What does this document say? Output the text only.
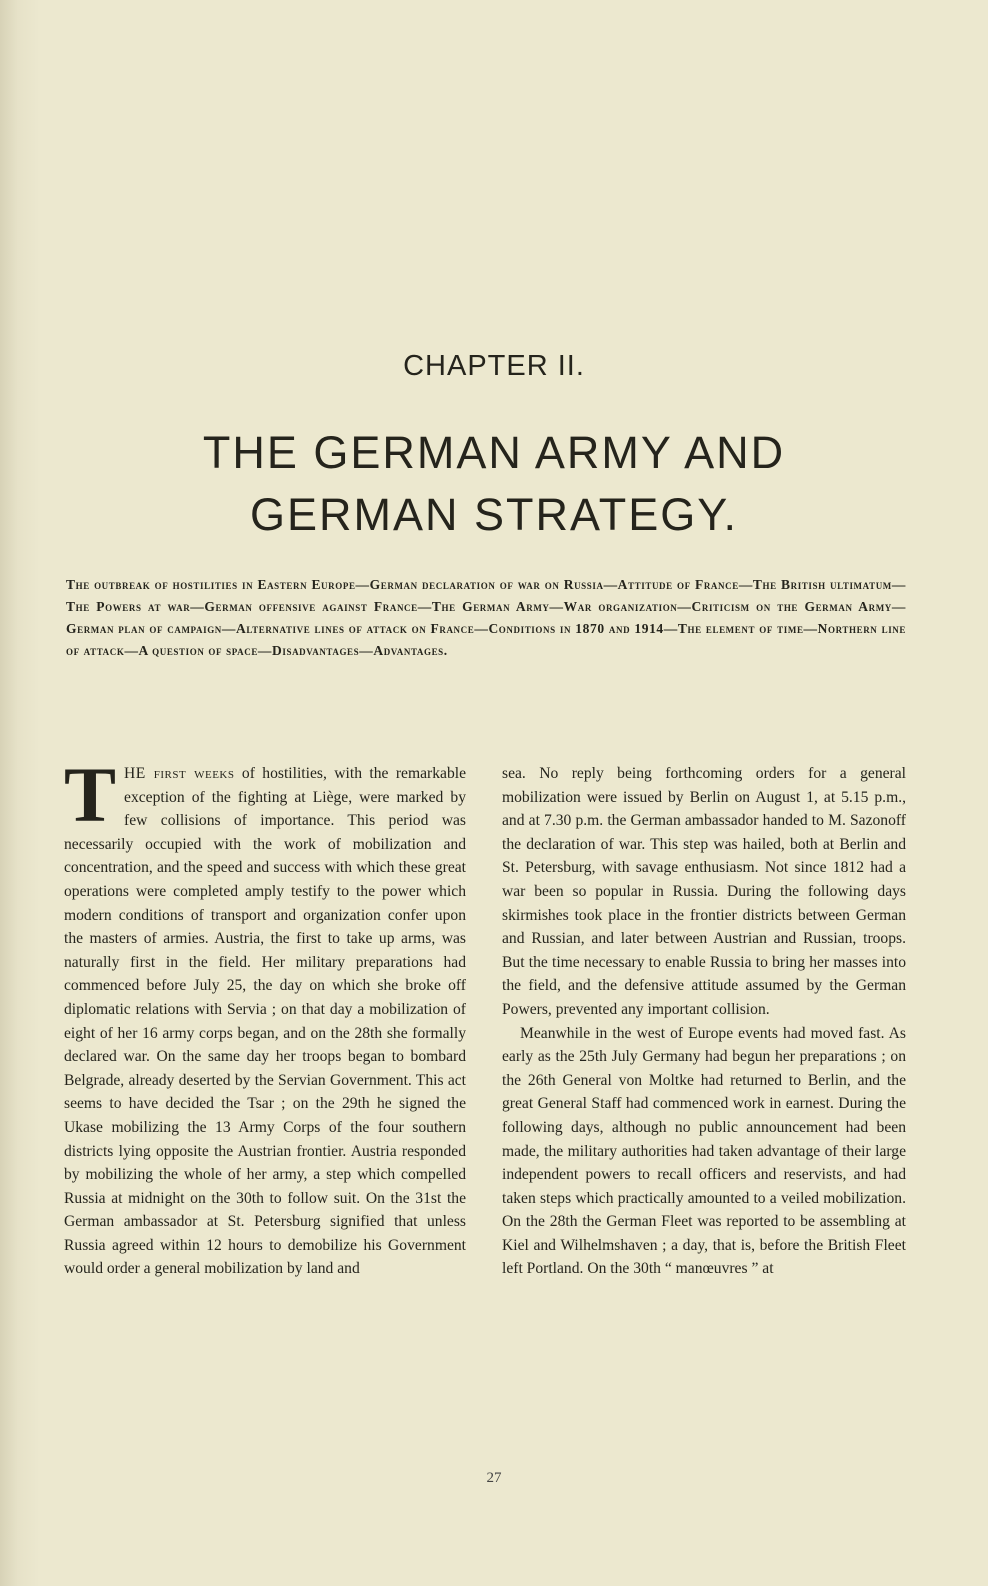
CHAPTER II.
THE GERMAN ARMY AND
GERMAN STRATEGY.

The outbreak of hostilities in Eastern Europe—German declaration of war on Russia—Attitude of France—The British ultimatum—The Powers at war—German offensive against France—The German Army—War organization—Criticism on the German Army—German plan of campaign—Alternative lines of attack on France—Conditions in 1870 and 1914—The element of time—Northern line of attack—A question of space—Disadvantages—Advantages.

THE first weeks of hostilities, with the remarkable exception of the fighting at Liège, were marked by few collisions of importance. This period was necessarily occupied with the work of mobilization and concentration, and the speed and success with which these great operations were completed amply testify to the power which modern conditions of transport and organization confer upon the masters of armies. Austria, the first to take up arms, was naturally first in the field. Her military preparations had commenced before July 25, the day on which she broke off diplomatic relations with Servia ; on that day a mobilization of eight of her 16 army corps began, and on the 28th she formally declared war. On the same day her troops began to bombard Belgrade, already deserted by the Servian Government. This act seems to have decided the Tsar ; on the 29th he signed the Ukase mobilizing the 13 Army Corps of the four southern districts lying opposite the Austrian frontier. Austria responded by mobilizing the whole of her army, a step which compelled Russia at midnight on the 30th to follow suit. On the 31st the German ambassador at St. Petersburg signified that unless Russia agreed within 12 hours to demobilize his Government would order a general mobilization by land and

sea. No reply being forthcoming orders for a general mobilization were issued by Berlin on August 1, at 5.15 p.m., and at 7.30 p.m. the German ambassador handed to M. Sazonoff the declaration of war. This step was hailed, both at Berlin and St. Petersburg, with savage enthusiasm. Not since 1812 had a war been so popular in Russia. During the following days skirmishes took place in the frontier districts between German and Russian, and later between Austrian and Russian, troops. But the time necessary to enable Russia to bring her masses into the field, and the defensive attitude assumed by the German Powers, prevented any important collision.

Meanwhile in the west of Europe events had moved fast. As early as the 25th July Germany had begun her preparations ; on the 26th General von Moltke had returned to Berlin, and the great General Staff had commenced work in earnest. During the following days, although no public announcement had been made, the military authorities had taken advantage of their large independent powers to recall officers and reservists, and had taken steps which practically amounted to a veiled mobilization. On the 28th the German Fleet was reported to be assembling at Kiel and Wilhelmshaven ; a day, that is, before the British Fleet left Portland. On the 30th “ manœuvres ” at

27
